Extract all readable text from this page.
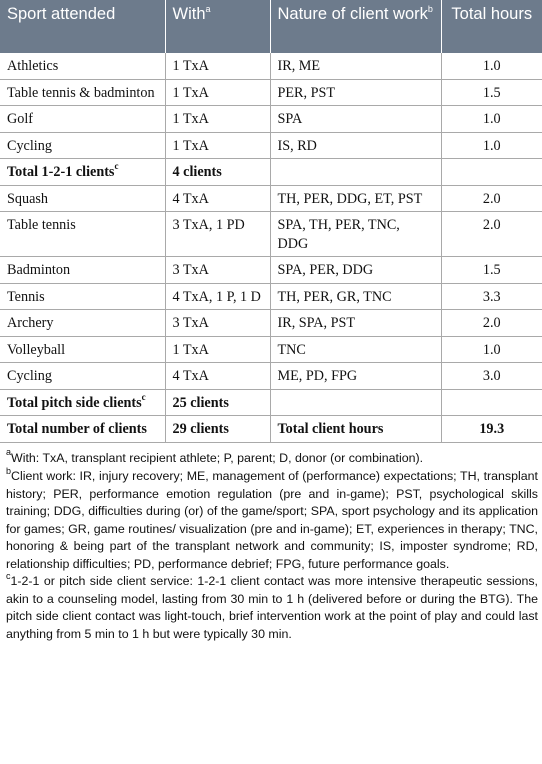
Sport attended	With$^a$	Nature of client work$^b$	Total hours
Athletics	1 TxA	IR, ME	1.0
Table tennis & badminton	1 TxA	PER, PST	1.5
Golf	1 TxA	SPA	1.0
Cycling	1 TxA	IS, RD	1.0
Total 1-2-1 clients$^c$	4 clients		
Squash	4 TxA	TH, PER, DDG, ET, PST	2.0
Table tennis	3 TxA, 1 PD	SPA, TH, PER, TNC, DDG	2.0
Badminton	3 TxA	SPA, PER, DDG	1.5
Tennis	4 TxA, 1 P, 1 D	TH, PER, GR, TNC	3.3
Archery	3 TxA	IR, SPA, PST	2.0
Volleyball	1 TxA	TNC	1.0
Cycling	4 TxA	ME, PD, FPG	3.0
Total pitch side clients$^c$	25 clients		
Total number of clients	29 clients	Total client hours	19.3

$^a$With: TxA, transplant recipient athlete; P, parent; D, donor (or combination).

$^b$Client work: IR, injury recovery; ME, management of (performance) expectations; TH, transplant history; PER, performance emotion regulation (pre and in-game); PST, psychological skills training; DDG, difficulties during (or) of the game/sport; SPA, sport psychology and its application for games; GR, game routines/ visualization (pre and in-game); ET, experiences in therapy; TNC, honoring & being part of the transplant network and community; IS, imposter syndrome; RD, relationship difficulties; PD, performance debrief; FPG, future performance goals.

$^c$1-2-1 or pitch side client service: 1-2-1 client contact was more intensive therapeutic sessions, akin to a counseling model, lasting from 30 min to 1 h (delivered before or during the BTG). The pitch side client contact was light-touch, brief intervention work at the point of play and could last anything from 5 min to 1 h but were typically 30 min.
